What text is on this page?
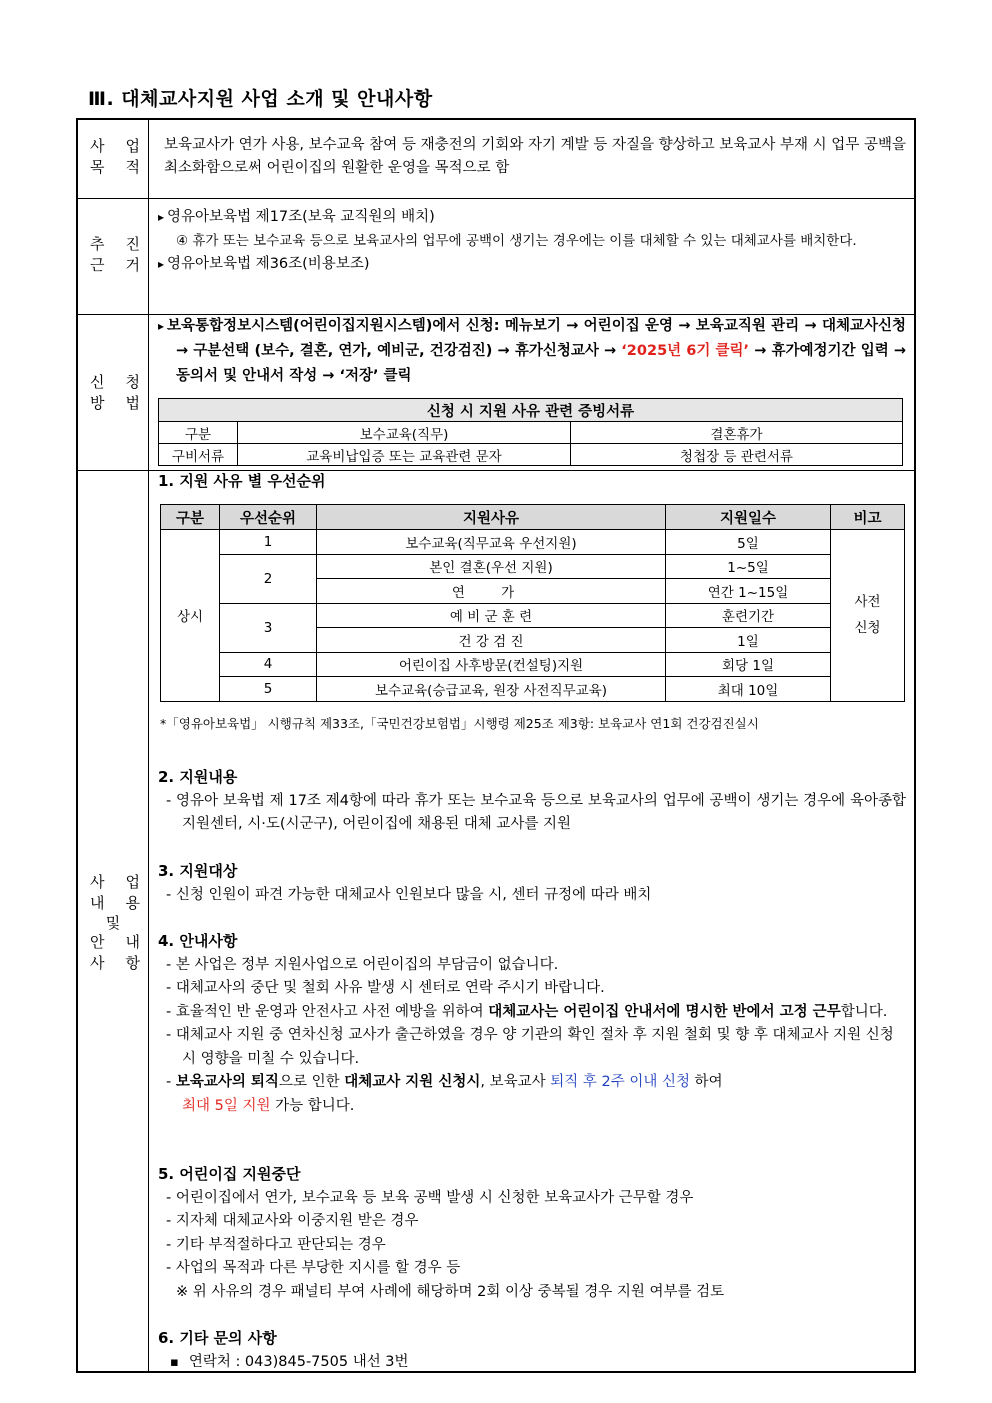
Ⅲ. 대체교사지원 사업 소개 및 안내사항
사 업
목 적
보육교사가 연가 사용, 보수교육 참여 등 재충전의 기회와 자기 계발 등 자질을 향상하고 보육교사 부재 시 업무 공백을 최소화함으로써 어린이집의 원활한 운영을 목적으로 함
추 진
근 거
▸ 영유아보육법 제17조(보육 교직원의 배치)
④ 휴가 또는 보수교육 등으로 보육교사의 업무에 공백이 생기는 경우에는 이를 대체할 수 있는 대체교사를 배치한다.
▸ 영유아보육법 제36조(비용보조)
신 청
방 법
▸ 보육통합정보시스템(어린이집지원시스템)에서 신청: 메뉴보기 → 어린이집 운영 → 보육교직원 관리 → 대체교사신청 → 구분선택 (보수, 결혼, 연가, 예비군, 건강검진) → 휴가신청교사 → ‘2025년 6기 클릭’ → 휴가예정기간 입력 → 동의서 및 안내서 작성 → ‘저장’ 클릭
신청 시 지원 사유 관련 증빙서류		
구분	보수교육(직무)	결혼휴가
구비서류	교육비납입증 또는 교육관련 문자	청첩장 등 관련서류
사 업
내 용
및
안 내
사 항
1. 지원 사유 별 우선순위
구분	우선순위	지원사유	지원일수	비고
상시	1	보수교육(직무교육 우선지원)	5일	사전
신청
	2	본인 결혼(우선 지원)	1~5일	
		연 가	연간 1~15일	
	3	예 비 군 훈 련	훈련기간	
		건 강 검 진	1일	
	4	어린이집 사후방문(컨설팅)지원	회당 1일	
	5	보수교육(승급교육, 원장 사전직무교육)	최대 10일	
*「영유아보육법」 시행규칙 제33조,「국민건강보험법」시행령 제25조 제3항: 보육교사 연1회 건강검진실시
2. 지원내용
- 영유아 보육법 제 17조 제4항에 따라 휴가 또는 보수교육 등으로 보육교사의 업무에 공백이 생기는 경우에 육아종합지원센터, 시·도(시군구), 어린이집에 채용된 대체 교사를 지원
3. 지원대상
- 신청 인원이 파견 가능한 대체교사 인원보다 많을 시, 센터 규정에 따라 배치
4. 안내사항
- 본 사업은 정부 지원사업으로 어린이집의 부담금이 없습니다.
- 대체교사의 중단 및 철회 사유 발생 시 센터로 연락 주시기 바랍니다.
- 효율적인 반 운영과 안전사고 사전 예방을 위하여 대체교사는 어린이집 안내서에 명시한 반에서 고정 근무합니다.
- 대체교사 지원 중 연차신청 교사가 출근하였을 경우 양 기관의 확인 절차 후 지원 철회 및 향 후 대체교사 지원 신청 시 영향을 미칠 수 있습니다.
- 보육교사의 퇴직으로 인한 대체교사 지원 신청시, 보육교사 퇴직 후 2주 이내 신청 하여
최대 5일 지원 가능 합니다.
5. 어린이집 지원중단
- 어린이집에서 연가, 보수교육 등 보육 공백 발생 시 신청한 보육교사가 근무할 경우
- 지자체 대체교사와 이중지원 받은 경우
- 기타 부적절하다고 판단되는 경우
- 사업의 목적과 다른 부당한 지시를 할 경우 등
※ 위 사유의 경우 패널티 부여 사례에 해당하며 2회 이상 중복될 경우 지원 여부를 검토
6. 기타 문의 사항
▪ 연락처 : 043)845-7505 내선 3번
